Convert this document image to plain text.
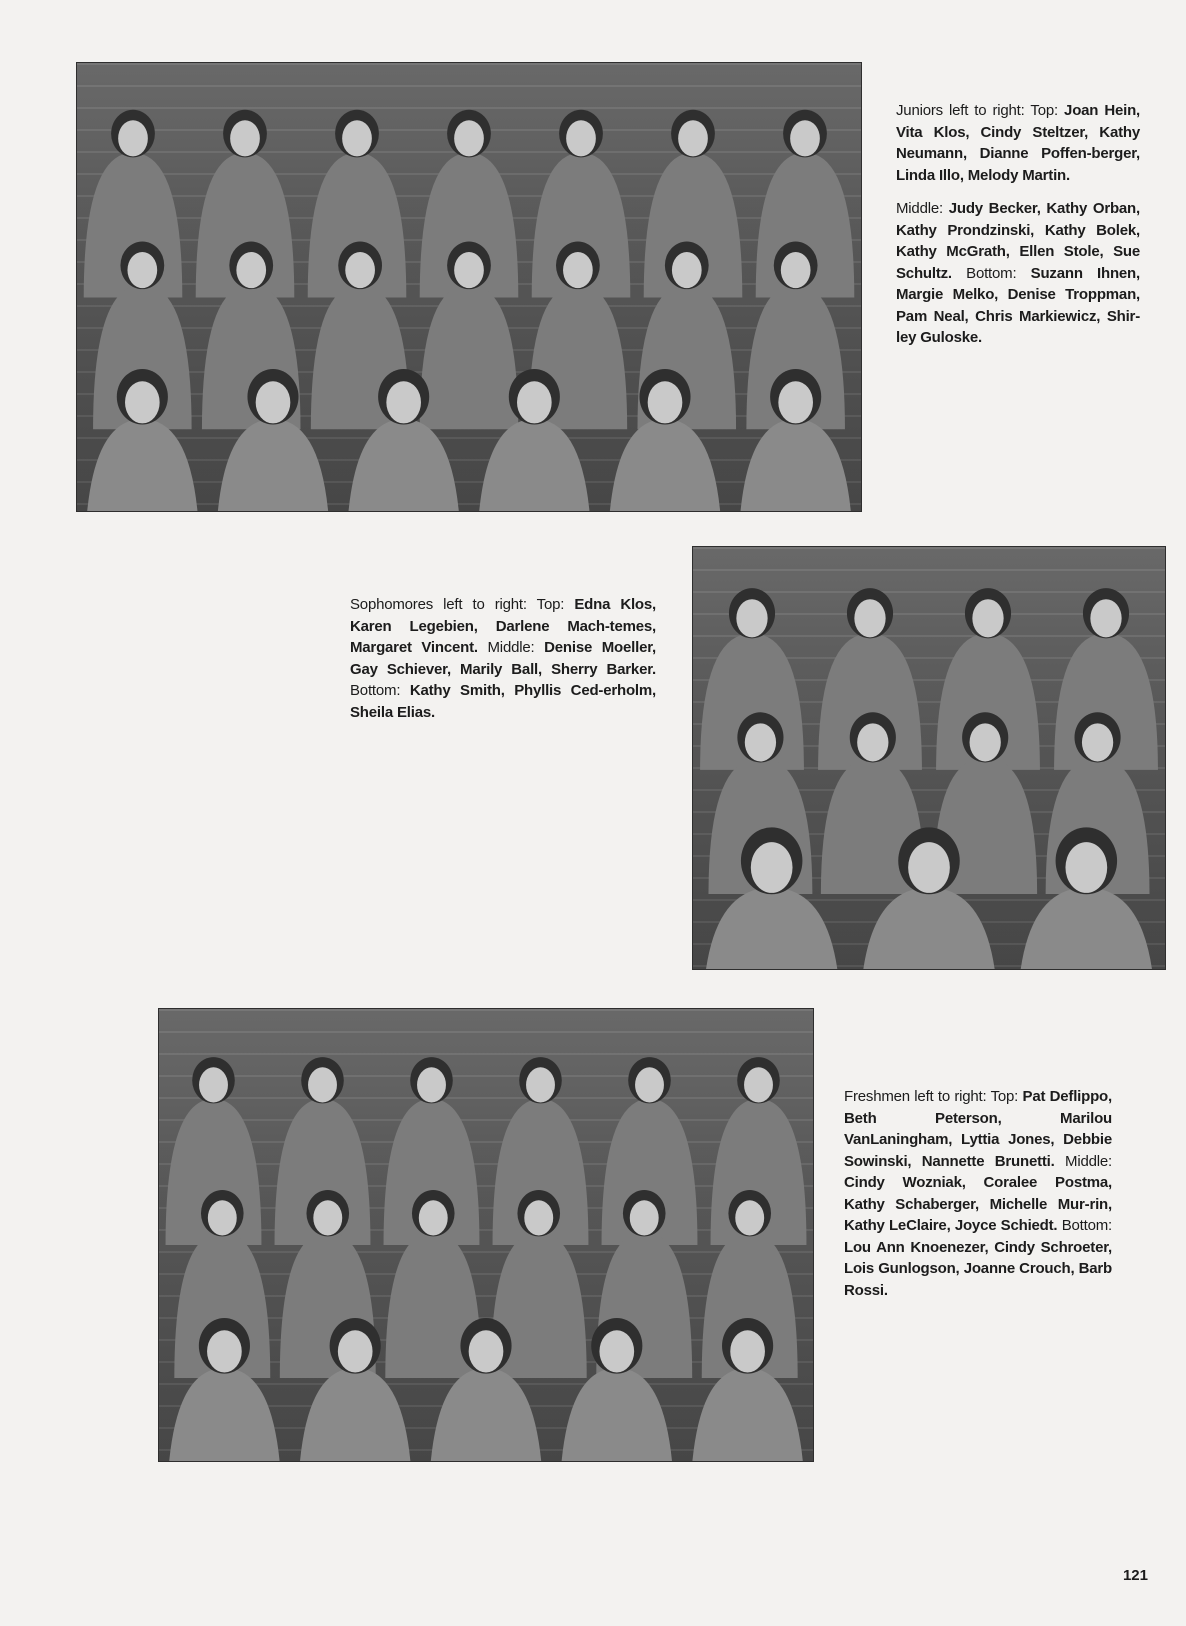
Juniors left to right: Top: Joan Hein, Vita Klos, Cindy Steltzer, Kathy Neumann, Dianne Poffen-berger, Linda Illo, Melody Martin.

Middle: Judy Becker, Kathy Orban, Kathy Prondzinski, Kathy Bolek, Kathy McGrath, Ellen Stole, Sue Schultz. Bottom: Suzann Ihnen, Margie Melko, Denise Troppman, Pam Neal, Chris Markiewicz, Shir-ley Guloske.

Sophomores left to right: Top: Edna Klos, Karen Legebien, Darlene Mach-temes, Margaret Vincent. Middle: Denise Moeller, Gay Schiever, Marily Ball, Sherry Barker. Bottom: Kathy Smith, Phyllis Ced-erholm, Sheila Elias.

Freshmen left to right: Top: Pat Deflippo, Beth Peterson, Marilou VanLaningham, Lyttia Jones, Debbie Sowinski, Nannette Brunetti. Middle: Cindy Wozniak, Coralee Postma, Kathy Schaberger, Michelle Mur-rin, Kathy LeClaire, Joyce Schiedt. Bottom: Lou Ann Knoenezer, Cindy Schroeter, Lois Gunlogson, Joanne Crouch, Barb Rossi.

121
